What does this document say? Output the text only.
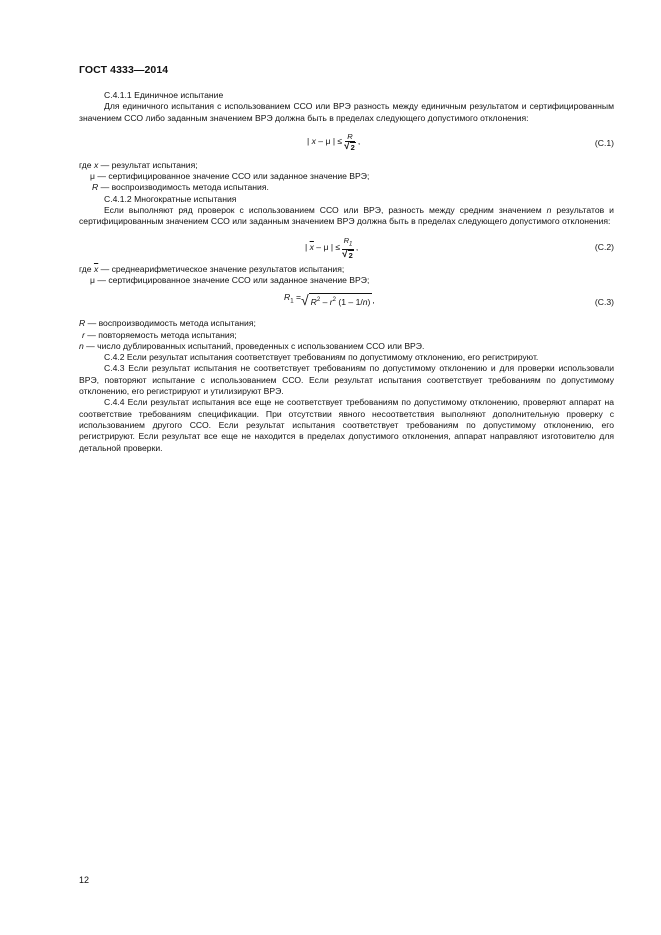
ГОСТ 4333—2014

С.4.1.1 Единичное испытание

Для единичного испытания с использованием ССО или ВРЭ разность между единичным результатом и сертифицированным значением ССО либо заданным значением ВРЭ должна быть в пределах следующего допустимого отклонения:

| x – μ | ≤ $\frac{R}{√ 2}$ ,	(С.1)

где x — результат испытания;

μ — сертифицированное значение ССО или заданное значение ВРЭ;

R — воспроизводимость метода испытания.

С.4.1.2 Многократные испытания

Если выполняют ряд проверок с использованием ССО или ВРЭ, разность между средним значением n результатов и сертифицированным значением ССО или заданным значением ВРЭ должна быть в пределах следующего допустимого отклонения:

| $\overline{x}$ – μ | ≤ $\frac{R_1}{√ 2}$ ,	(С.2)

где $\overline{x}$ — среднеарифметическое значение результатов испытания;

μ — сертифицированное значение ССО или заданное значение ВРЭ;

$R_1$ = √ $R^2 - r^2$ (1 – 1/n) ,	(С.3)

R — воспроизводимость метода испытания;

r — повторяемость метода испытания;

n — число дублированных испытаний, проведенных с использованием ССО или ВРЭ.

С.4.2 Если результат испытания соответствует требованиям по допустимому отклонению, его регистрируют.

С.4.3 Если результат испытания не соответствует требованиям по допустимому отклонению и для проверки использовали ВРЭ, повторяют испытание с использованием ССО. Если результат испытания соответствует требованиям по допустимому отклонению, его регистрируют и утилизируют ВРЭ.

С.4.4 Если результат испытания все еще не соответствует требованиям по допустимому отклонению, проверяют аппарат на соответствие требованиям спецификации. При отсутствии явного несоответствия выполняют дополнительную проверку с использованием другого ССО. Если результат испытания соответствует требованиям по допустимому отклонению, его регистрируют. Если результат все еще не находится в пределах допустимого отклонения, аппарат направляют изготовителю для детальной проверки.

12
